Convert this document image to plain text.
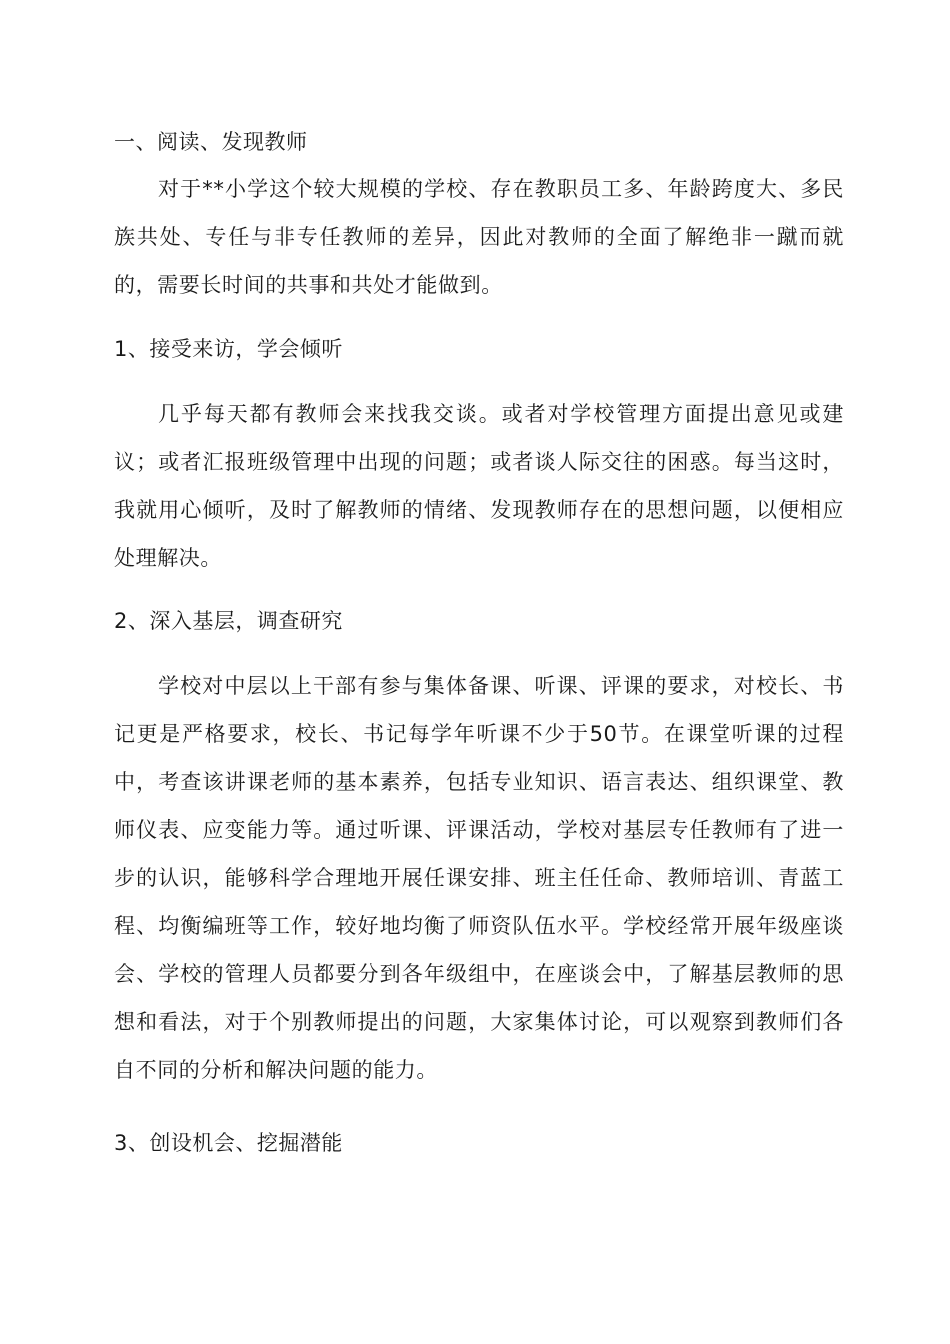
一、阅读、发现教师

对于**小学这个较大规模的学校、存在教职员工多、年龄跨度大、多民族共处、专任与非专任教师的差异，因此对教师的全面了解绝非一蹴而就的，需要长时间的共事和共处才能做到。

1、接受来访，学会倾听

几乎每天都有教师会来找我交谈。或者对学校管理方面提出意见或建议；或者汇报班级管理中出现的问题；或者谈人际交往的困惑。每当这时，我就用心倾听，及时了解教师的情绪、发现教师存在的思想问题，以便相应处理解决。

2、深入基层，调查研究

学校对中层以上干部有参与集体备课、听课、评课的要求，对校长、书记更是严格要求，校长、书记每学年听课不少于50节。在课堂听课的过程中，考查该讲课老师的基本素养，包括专业知识、语言表达、组织课堂、教师仪表、应变能力等。通过听课、评课活动，学校对基层专任教师有了进一步的认识，能够科学合理地开展任课安排、班主任任命、教师培训、青蓝工程、均衡编班等工作，较好地均衡了师资队伍水平。学校经常开展年级座谈会、学校的管理人员都要分到各年级组中，在座谈会中，了解基层教师的思想和看法，对于个别教师提出的问题，大家集体讨论，可以观察到教师们各自不同的分析和解决问题的能力。

3、创设机会、挖掘潜能
